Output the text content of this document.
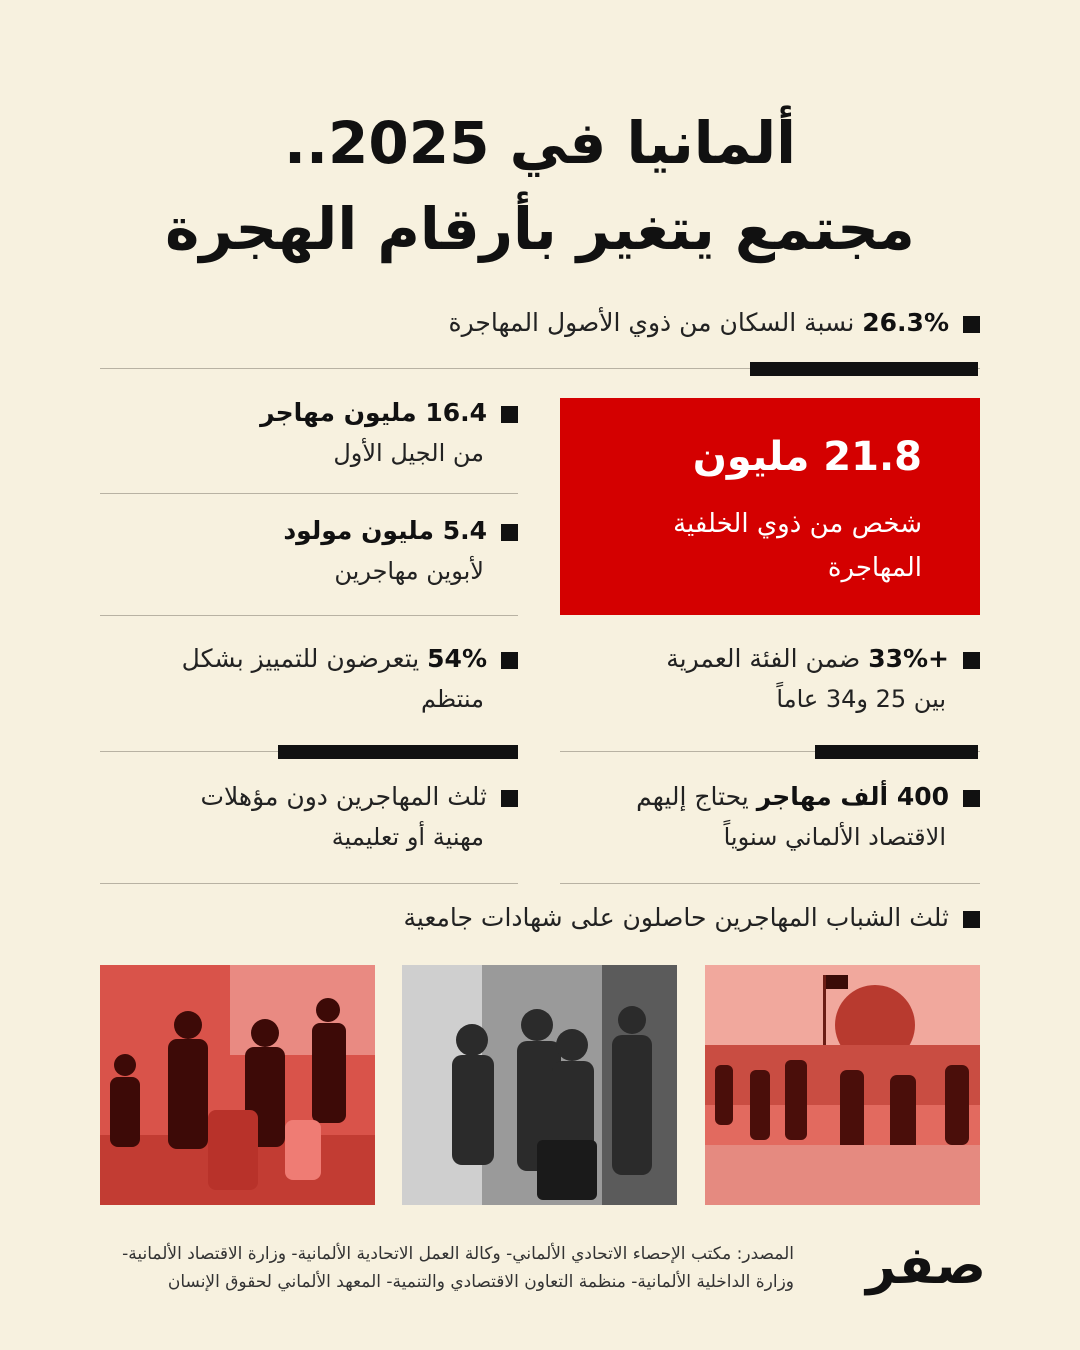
ألمانيا في 2025..
مجتمع يتغير بأرقام الهجرة
26.3% نسبة السكان من ذوي الأصول المهاجرة
21.8 مليون
شخص من ذوي الخلفية المهاجرة
16.4 مليون مهاجر
من الجيل الأول
5.4 مليون مولود
لأبوين مهاجرين
+33% ضمن الفئة العمرية
بين 25 و34 عاماً
54% يتعرضون للتمييز بشكل
منتظم
400 ألف مهاجر يحتاج إليهم
الاقتصاد الألماني سنوياً
ثلث المهاجرين دون مؤهلات
مهنية أو تعليمية
ثلث الشباب المهاجرين حاصلون على شهادات جامعية
المصدر: مكتب الإحصاء الاتحادي الألماني- وكالة العمل الاتحادية الألمانية- وزارة الاقتصاد الألمانية-
وزارة الداخلية الألمانية- منظمة التعاون الاقتصادي والتنمية- المعهد الألماني لحقوق الإنسان صفر
